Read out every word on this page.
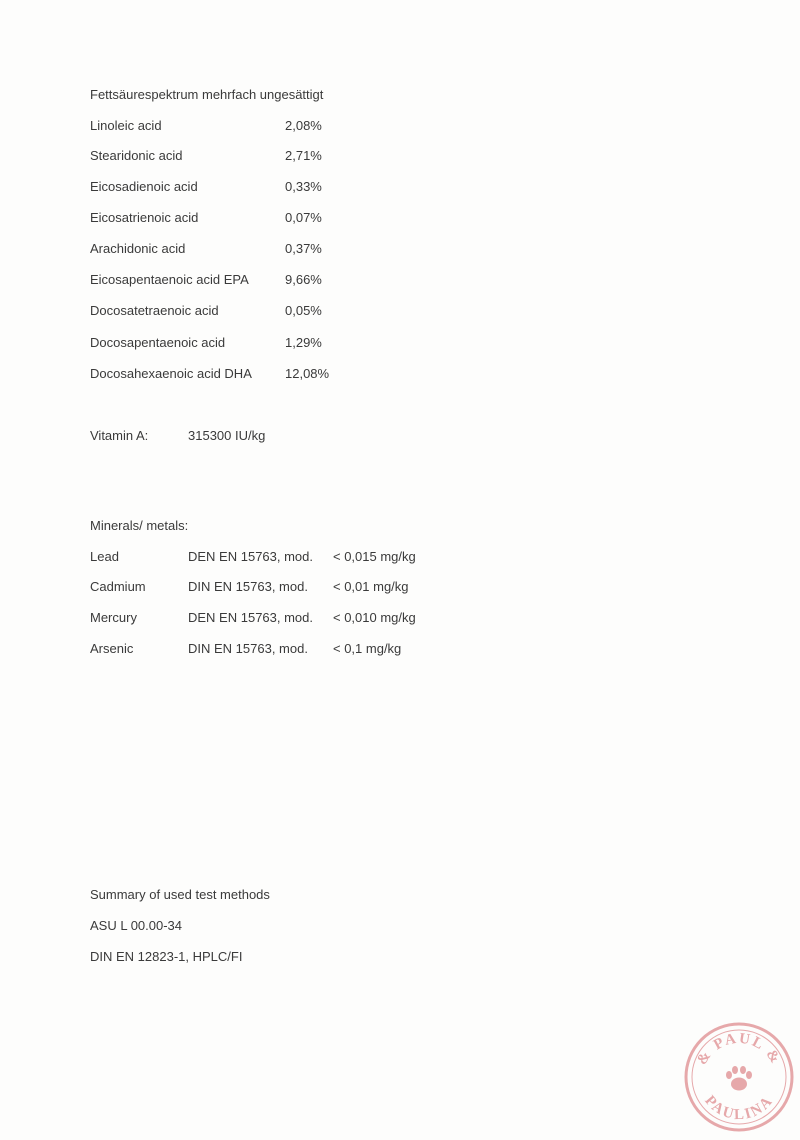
Fettsäurespektrum mehrfach ungesättigt
Linoleic acid	2,08%
Stearidonic acid	2,71%
Eicosadienoic acid	0,33%
Eicosatrienoic acid	0,07%
Arachidonic acid	0,37%
Eicosapentaenoic acid EPA	9,66%
Docosatetraenoic acid	0,05%
Docosapentaenoic acid	1,29%
Docosahexaenoic acid DHA	12,08%
Vitamin A:	315300 IU/kg
Minerals/ metals:
Lead	DEN EN 15763, mod. < 0,015 mg/kg
Cadmium	DIN EN 15763, mod. < 0,01 mg/kg
Mercury	DEN EN 15763, mod. < 0,010 mg/kg
Arsenic	DIN EN 15763, mod. < 0,1 mg/kg
Summary of used test methods
ASU L 00.00-34
DIN EN 12823-1, HPLC/FI
& PAUL &
PAULINA
